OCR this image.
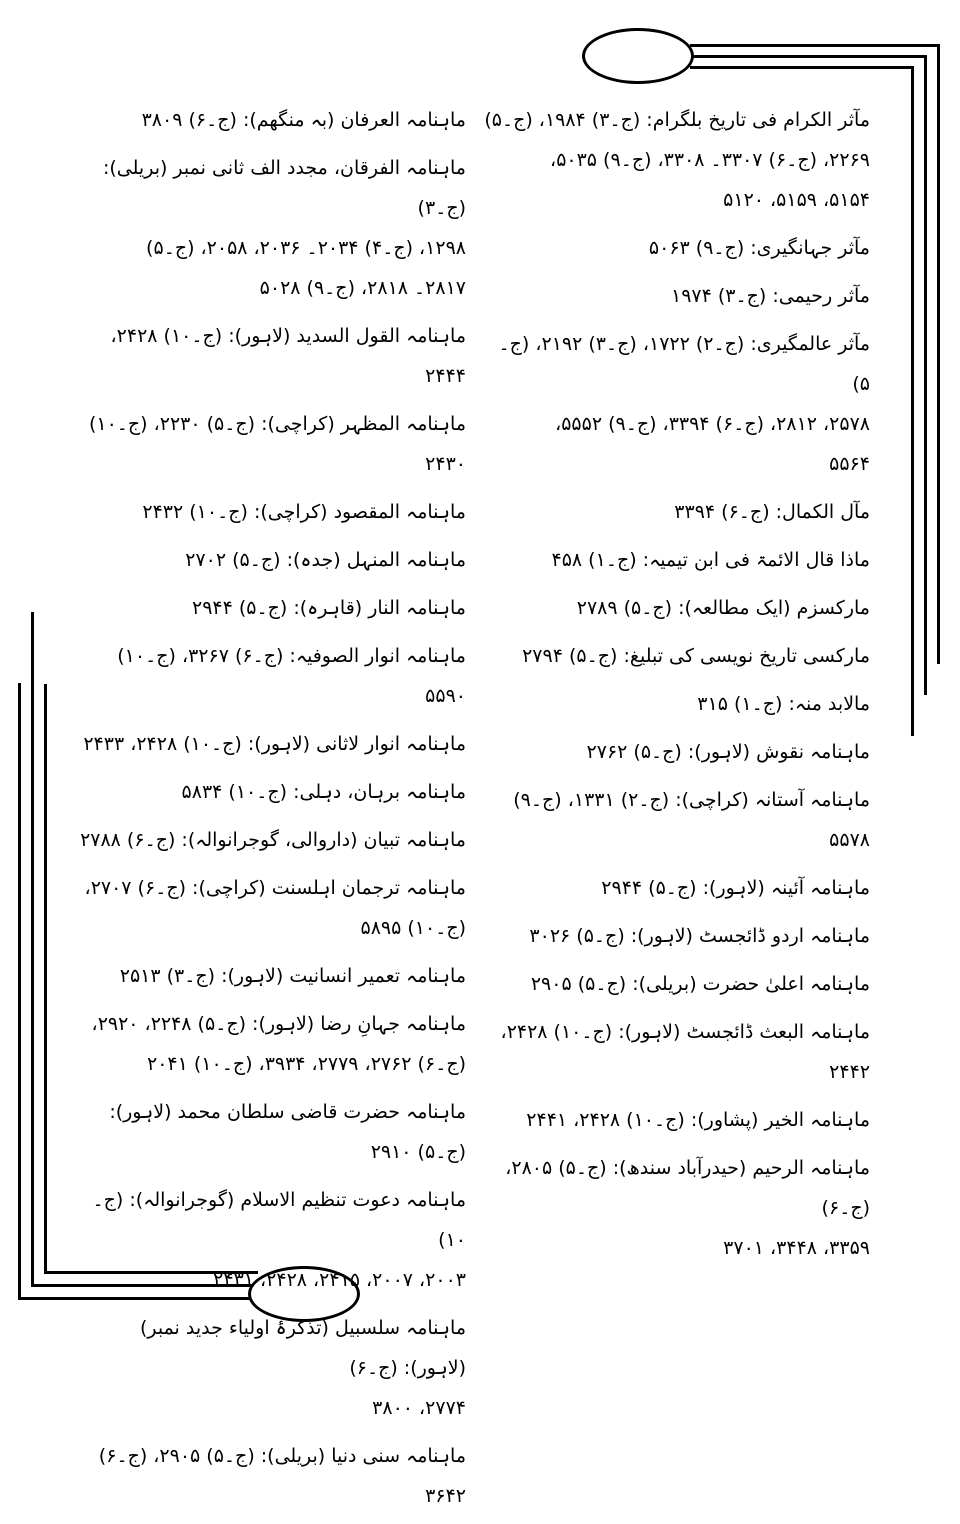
مآثر الکرام فی تاریخ بلگرام: (ج۔۳) ۱۹۸۴، (ج۔۵)
۲۲۶۹، (ج۔۶) ۳۳۰۷۔ ۳۳۰۸، (ج۔۹) ۵۰۳۵،
۵۱۵۴، ۵۱۵۹، ۵۱۲۰
مآثر جہانگیری: (ج۔۹) ۵۰۶۳
مآثر رحیمی: (ج۔۳) ۱۹۷۴
مآثر عالمگیری: (ج۔۲) ۱۷۲۲، (ج۔۳) ۲۱۹۲، (ج۔۵)
۲۵۷۸، ۲۸۱۲، (ج۔۶) ۳۳۹۴، (ج۔۹) ۵۵۵۲،
۵۵۶۴
مآل الکمال: (ج۔۶) ۳۳۹۴
ماذا قال الائمۃ فی ابن تیمیہ: (ج۔۱) ۴۵۸
مارکسزم (ایک مطالعہ): (ج۔۵) ۲۷۸۹
مارکسی تاریخ نویسی کی تبلیغ: (ج۔۵) ۲۷۹۴
مالابد منہ: (ج۔۱) ۳۱۵
ماہنامہ نقوش (لاہور): (ج۔۵) ۲۷۶۲
ماہنامہ آستانہ (کراچی): (ج۔۲) ۱۳۳۱، (ج۔۹)
۵۵۷۸
ماہنامہ آئینہ (لاہور): (ج۔۵) ۲۹۴۴
ماہنامہ اردو ڈائجسٹ (لاہور): (ج۔۵) ۳۰۲۶
ماہنامہ اعلیٰ حضرت (بریلی): (ج۔۵) ۲۹۰۵
ماہنامہ البعث ڈائجسٹ (لاہور): (ج۔۱۰) ۲۴۲۸،
۲۴۴۲
ماہنامہ الخیر (پشاور): (ج۔۱۰) ۲۴۲۸، ۲۴۴۱
ماہنامہ الرحیم (حیدرآباد سندھ): (ج۔۵) ۲۸۰۵، (ج۔۶)
۳۳۵۹، ۳۴۴۸، ۳۷۰۱
ماہنامہ العرفان (بہ منگھم): (ج۔۶) ۳۸۰۹
ماہنامہ الفرقان، مجدد الف ثانی نمبر (بریلی): (ج۔۳)
۱۲۹۸، (ج۔۴) ۲۰۳۴۔ ۲۰۳۶، ۲۰۵۸، (ج۔۵)
۲۸۱۷۔ ۲۸۱۸، (ج۔۹) ۵۰۲۸
ماہنامہ القول السدید (لاہور): (ج۔۱۰) ۲۴۲۸، ۲۴۴۴
ماہنامہ المظہر (کراچی): (ج۔۵) ۲۲۳۰، (ج۔۱۰)
۲۴۳۰
ماہنامہ المقصود (کراچی): (ج۔۱۰) ۲۴۳۲
ماہنامہ المنہل (جدہ): (ج۔۵) ۲۷۰۲
ماہنامہ النار (قاہرہ): (ج۔۵) ۲۹۴۴
ماہنامہ انوار الصوفیہ: (ج۔۶) ۳۲۶۷، (ج۔۱۰) ۵۵۹۰
ماہنامہ انوار لاثانی (لاہور): (ج۔۱۰) ۲۴۲۸، ۲۴۳۳
ماہنامہ برہان، دہلی: (ج۔۱۰) ۵۸۳۴
ماہنامہ تبیان (داروالی، گوجرانوالہ): (ج۔۶) ۲۷۸۸
ماہنامہ ترجمان اہلسنت (کراچی): (ج۔۶) ۲۷۰۷،
(ج۔۱۰) ۵۸۹۵
ماہنامہ تعمیر انسانیت (لاہور): (ج۔۳) ۲۵۱۳
ماہنامہ جہانِ رضا (لاہور): (ج۔۵) ۲۲۴۸، ۲۹۲۰،
(ج۔۶) ۲۷۶۲، ۲۷۷۹، ۳۹۳۴، (ج۔۱۰) ۲۰۴۱
ماہنامہ حضرت قاضی سلطان محمد (لاہور): (ج۔۵) ۲۹۱۰
ماہنامہ دعوت تنظیم الاسلام (گوجرانوالہ): (ج۔۱۰)
۲۰۰۳، ۲۰۰۷، ۲۴۱۵، ۲۴۲۸، ۲۴۳۱
ماہنامہ سلسبیل (تذکرۂ اولیاء جدید نمبر) (لاہور): (ج۔۶)
۲۷۷۴، ۳۸۰۰
ماہنامہ سنی دنیا (بریلی): (ج۔۵) ۲۹۰۵، (ج۔۶) ۳۶۴۲
